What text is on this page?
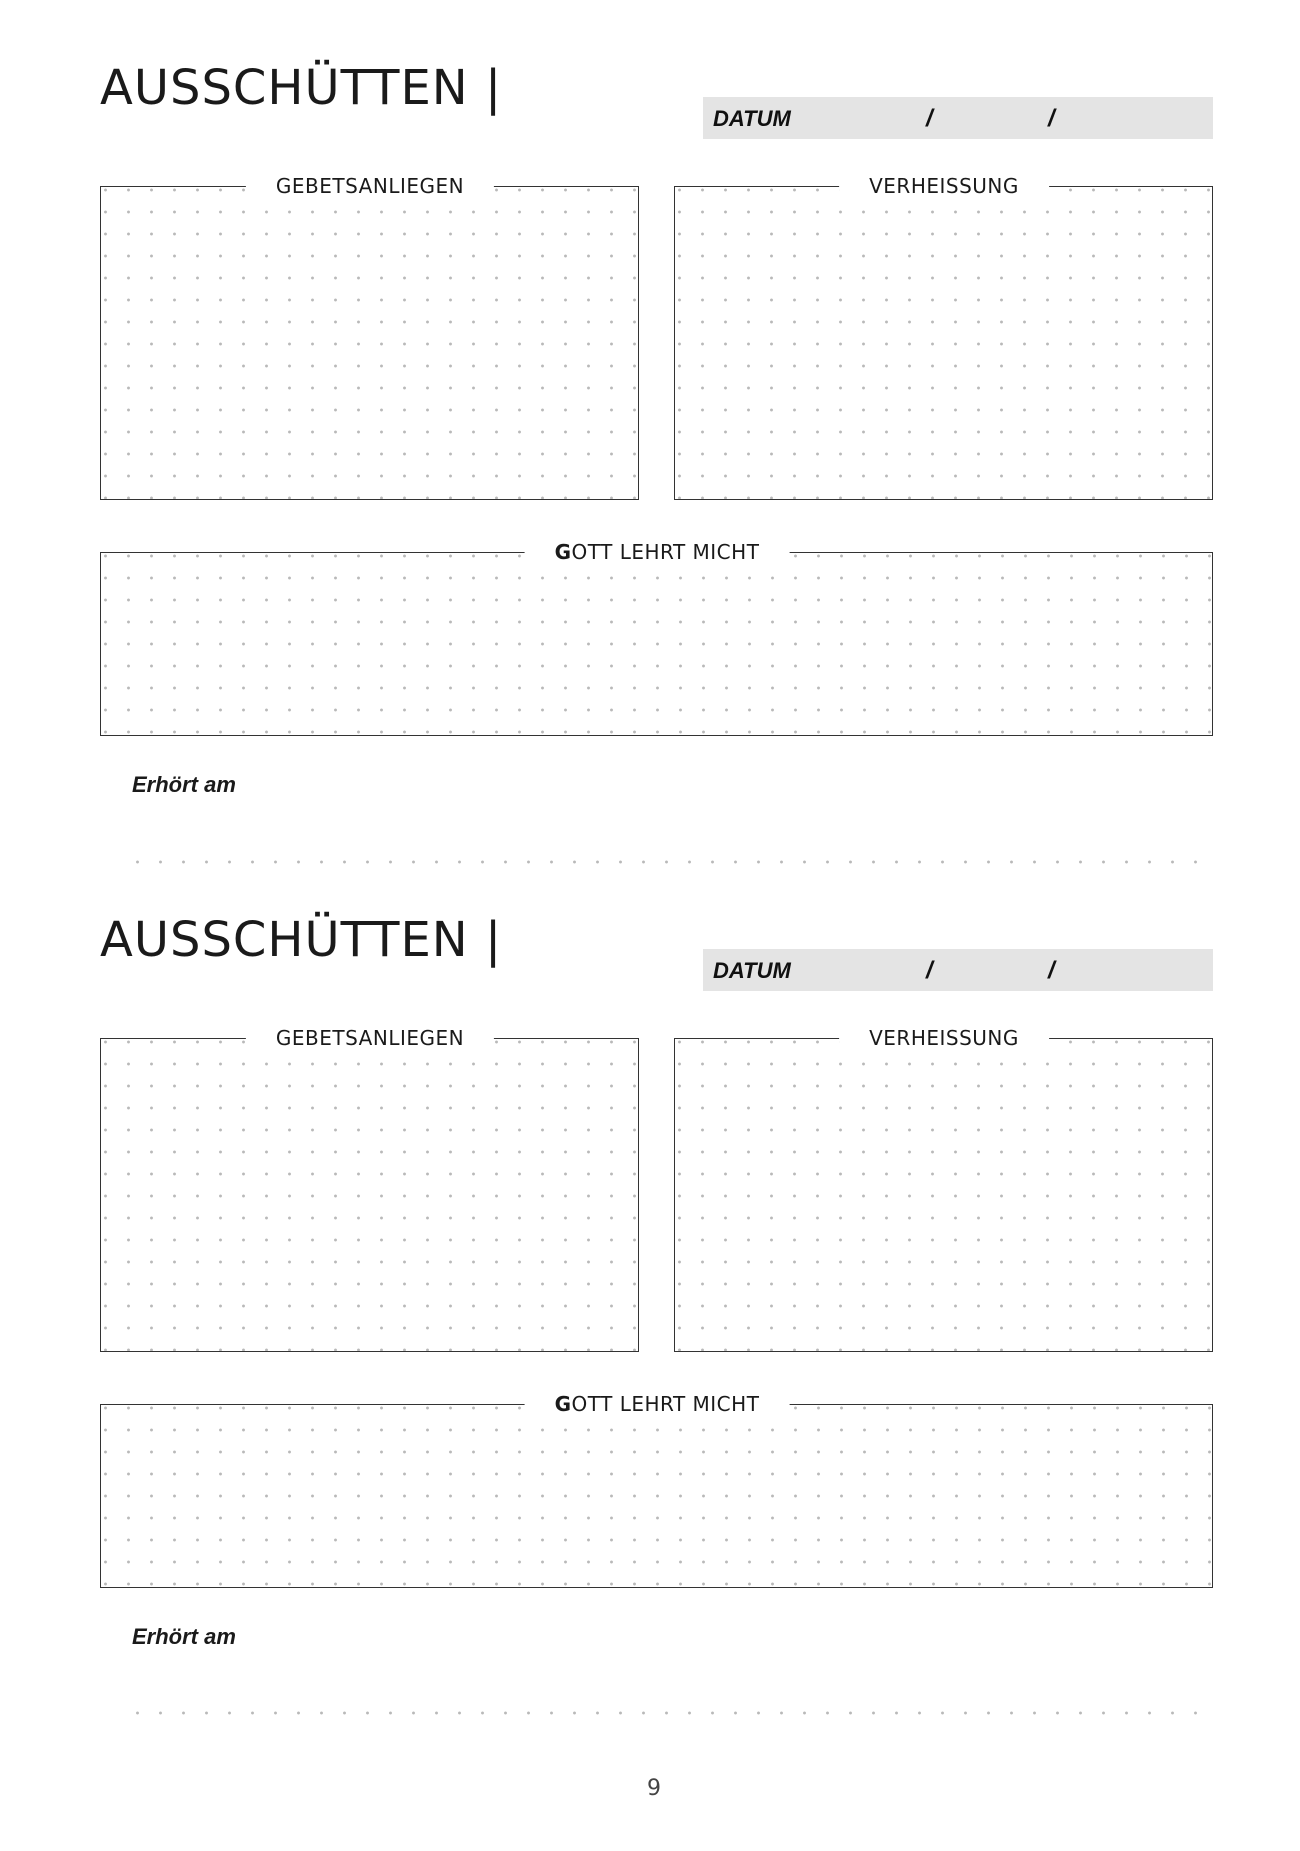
AUSSCHÜTTEN |
DATUM	/	/
GEBETSANLIEGEN	VERHEISSUNG
GOTT LEHRT MICHT
Erhört am
AUSSCHÜTTEN |
DATUM	/	/
GEBETSANLIEGEN	VERHEISSUNG
GOTT LEHRT MICHT
Erhört am
9
